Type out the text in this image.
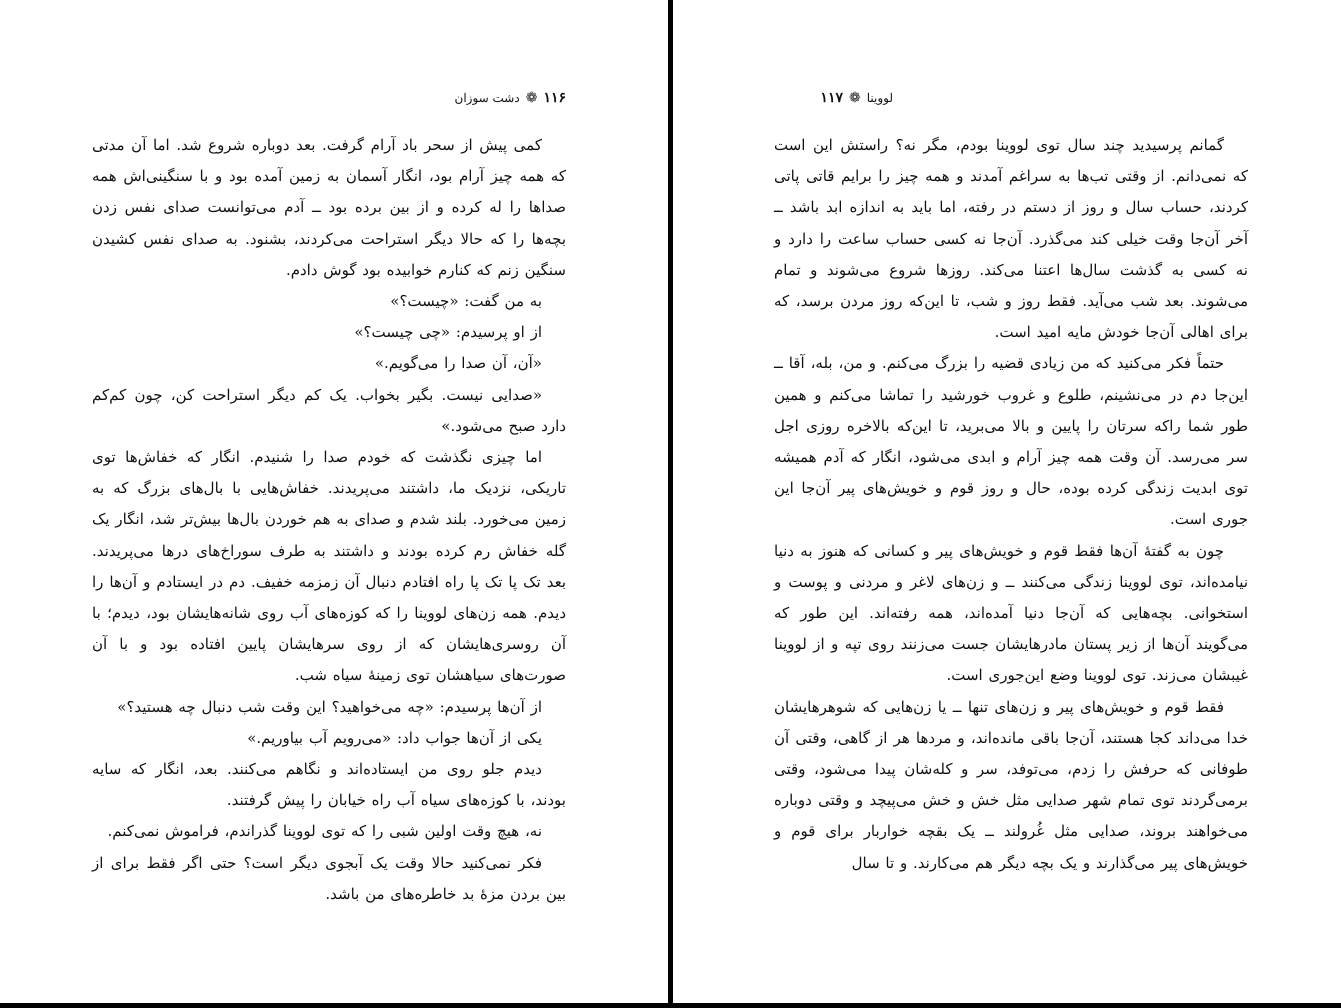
۱۱۶
❁
دشت سوزان

کمی پیش از سحر باد آرام گرفت. بعد دوباره شروع شد. اما آن مدتی که همه چیز آرام بود، انگار آسمان به زمین آمده بود و با سنگینی‌اش همه صداها را له کرده و از بین برده بود ــ آدم می‌توانست صدای نفس زدن بچه‌ها را که حالا دیگر استراحت می‌کردند، بشنود. به صدای نفس کشیدن سنگین زنم که کنارم خوابیده بود گوش دادم.

به من گفت: «چیست؟»

از او پرسیدم: «چی چیست؟»

«آن، آن صدا را می‌گویم.»

«صدایی نیست. بگیر بخواب. یک کم دیگر استراحت کن، چون کم‌کم دارد صبح می‌شود.»

اما چیزی نگذشت که خودم صدا را شنیدم. انگار که خفاش‌ها توی تاریکی، نزدیک ما، داشتند می‌پریدند. خفاش‌هایی با بال‌های بزرگ که به زمین می‌خورد. بلند شدم و صدای به هم خوردن بال‌ها بیش‌تر شد، انگار یک گله خفاش رم کرده بودند و داشتند به طرف سوراخ‌های درها می‌پریدند. بعد تک پا تک پا راه افتادم دنبال آن زمزمه خفیف. دم در ایستادم و آن‌ها را دیدم. همه زن‌های لووینا را که کوزه‌های آب روی شانه‌هایشان بود، دیدم؛ با آن روسری‌هایشان که از روی سرهایشان پایین افتاده بود و با آن صورت‌های سیاهشان توی زمینهٔ سیاه شب.

از آن‌ها پرسیدم: «چه می‌خواهید؟ این وقت شب دنبال چه هستید؟»

یکی از آن‌ها جواب داد: «می‌رویم آب بیاوریم.»

دیدم جلو روی من ایستاده‌اند و نگاهم می‌کنند. بعد، انگار که سایه بودند، با کوزه‌های سیاه آب راه خیابان را پیش گرفتند.

نه، هیچ وقت اولین شبی را که توی لووینا گذراندم، فراموش نمی‌کنم.

فکر نمی‌کنید حالا وقت یک آبجوی دیگر است؟ حتی اگر فقط برای از بین بردن مزهٔ بد خاطره‌های من باشد.

لووینا
❁
۱۱۷

گمانم پرسیدید چند سال توی لووینا بودم، مگر نه؟ راستش این است که نمی‌دانم. از وقتی تب‌ها به سراغم آمدند و همه چیز را برایم قاتی پاتی کردند، حساب سال و روز از دستم در رفته، اما باید به اندازه ابد باشد ــ آخر آن‌جا وقت خیلی کند می‌گذرد. آن‌جا نه کسی حساب ساعت را دارد و نه کسی به گذشت سال‌ها اعتنا می‌کند. روزها شروع می‌شوند و تمام می‌شوند. بعد شب می‌آید. فقط روز و شب، تا این‌که روز مردن برسد، که برای اهالی آن‌جا خودش مایه امید است.

حتماً فکر می‌کنید که من زیادی قضیه را بزرگ می‌کنم. و من، بله، آقا ــ این‌جا دم در می‌نشینم، طلوع و غروب خورشید را تماشا می‌کنم و همین طور شما راکه سرتان را پایین و بالا می‌برید، تا این‌که بالاخره روزی اجل سر می‌رسد. آن وقت همه چیز آرام و ابدی می‌شود، انگار که آدم همیشه توی ابدیت زندگی کرده بوده، حال و روز قوم و خویش‌های پیر آن‌جا این جوری است.

چون به گفتهٔ آن‌ها فقط قوم و خویش‌های پیر و کسانی که هنوز به دنیا نیامده‌اند، توی لووینا زندگی می‌کنند ــ و زن‌های لاغر و مردنی و پوست و استخوانی. بچه‌هایی که آن‌جا دنیا آمده‌اند، همه رفته‌اند. این طور که می‌گویند آن‌ها از زیر پستان مادرهایشان جست می‌زنند روی تپه و از لووینا غیبشان می‌زند. توی لووینا وضع این‌جوری است.

فقط قوم و خویش‌های پیر و زن‌های تنها ــ یا زن‌هایی که شوهرهایشان خدا می‌داند کجا هستند، آن‌جا باقی مانده‌اند، و مردها هر از گاهی، وقتی آن طوفانی که حرفش را زدم، می‌توفد، سر و کله‌شان پیدا می‌شود، وقتی برمی‌گردند توی تمام شهر صدایی مثل خش و خش می‌پیچد و وقتی دوباره می‌خواهند بروند، صدایی مثل غُرولند ــ یک بقچه خواربار برای قوم و خویش‌های پیر می‌گذارند و یک بچه دیگر هم می‌کارند. و تا سال
